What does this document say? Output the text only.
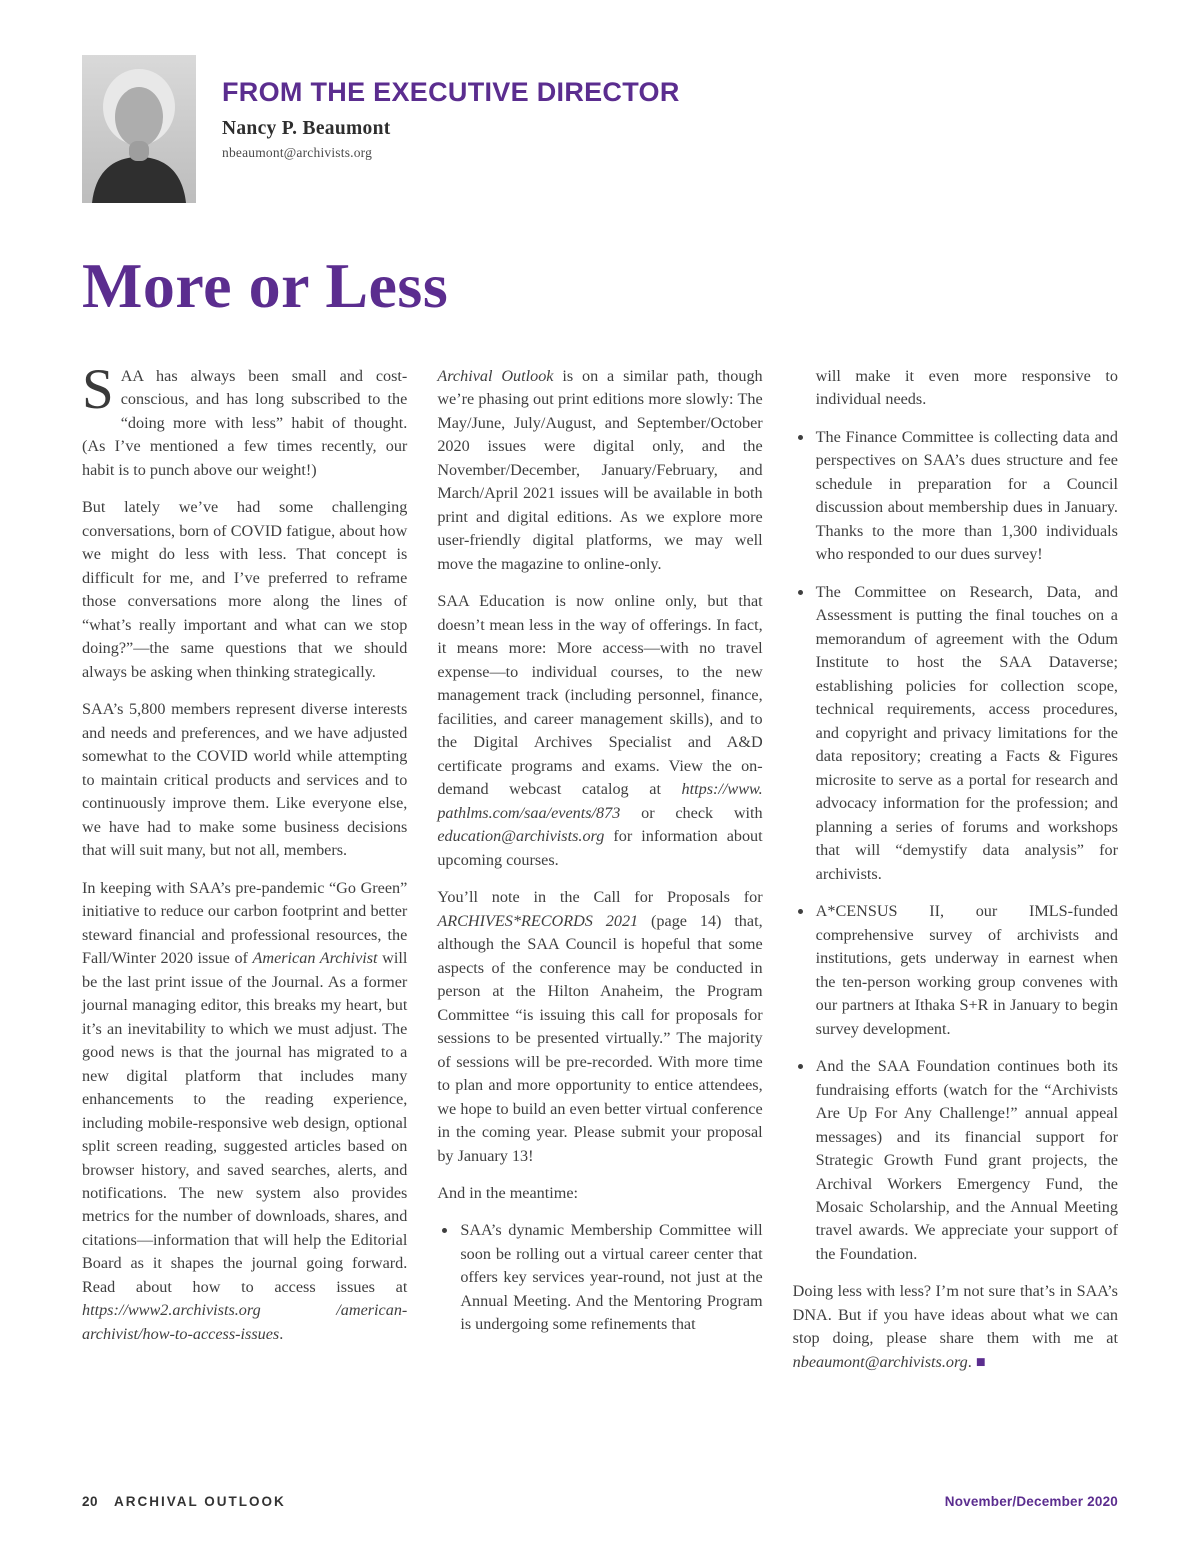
FROM THE EXECUTIVE DIRECTOR
Nancy P. Beaumont
nbeaumont@archivists.org
More or Less

SAA has always been small and cost-conscious, and has long subscribed to the “doing more with less” habit of thought. (As I’ve mentioned a few times recently, our habit is to punch above our weight!)

But lately we’ve had some challenging conversations, born of COVID fatigue, about how we might do less with less. That concept is difficult for me, and I’ve preferred to reframe those conversations more along the lines of “what’s really important and what can we stop doing?”—the same questions that we should always be asking when thinking strategically.

SAA’s 5,800 members represent diverse interests and needs and preferences, and we have adjusted somewhat to the COVID world while attempting to maintain critical products and services and to continuously improve them. Like everyone else, we have had to make some business decisions that will suit many, but not all, members.

In keeping with SAA’s pre-pandemic “Go Green” initiative to reduce our carbon footprint and better steward financial and professional resources, the Fall/Winter 2020 issue of American Archivist will be the last print issue of the Journal. As a former journal managing editor, this breaks my heart, but it’s an inevitability to which we must adjust. The good news is that the journal has migrated to a new digital platform that includes many enhancements to the reading experience, including mobile-responsive web design, optional split screen reading, suggested articles based on browser history, and saved searches, alerts, and notifications. The new system also provides metrics for the number of downloads, shares, and citations—information that will help the Editorial Board as it shapes the journal going forward. Read about how to access issues at https://www2.archivists.org /american-archivist/how-to-access-issues.

Archival Outlook is on a similar path, though we’re phasing out print editions more slowly: The May/June, July/August, and September/October 2020 issues were digital only, and the November/December, January/February, and March/April 2021 issues will be available in both print and digital editions. As we explore more user-friendly digital platforms, we may well move the magazine to online-only.

SAA Education is now online only, but that doesn’t mean less in the way of offerings. In fact, it means more: More access—with no travel expense—to individual courses, to the new management track (including personnel, finance, facilities, and career management skills), and to the Digital Archives Specialist and A&D certificate programs and exams. View the on-demand webcast catalog at https://www. pathlms.com/saa/events/873 or check with education@archivists.org for information about upcoming courses.

You’ll note in the Call for Proposals for ARCHIVES*RECORDS 2021 (page 14) that, although the SAA Council is hopeful that some aspects of the conference may be conducted in person at the Hilton Anaheim, the Program Committee “is issuing this call for proposals for sessions to be presented virtually.” The majority of sessions will be pre-recorded. With more time to plan and more opportunity to entice attendees, we hope to build an even better virtual conference in the coming year. Please submit your proposal by January 13!

And in the meantime:

• SAA’s dynamic Membership Committee will soon be rolling out a virtual career center that offers key services year-round, not just at the Annual Meeting. And the Mentoring Program is undergoing some refinements that

will make it even more responsive to individual needs.

• The Finance Committee is collecting data and perspectives on SAA’s dues structure and fee schedule in preparation for a Council discussion about membership dues in January. Thanks to the more than 1,300 individuals who responded to our dues survey!
• The Committee on Research, Data, and Assessment is putting the final touches on a memorandum of agreement with the Odum Institute to host the SAA Dataverse; establishing policies for collection scope, technical requirements, access procedures, and copyright and privacy limitations for the data repository; creating a Facts & Figures microsite to serve as a portal for research and advocacy information for the profession; and planning a series of forums and workshops that will “demystify data analysis” for archivists.
• A*CENSUS II, our IMLS-funded comprehensive survey of archivists and institutions, gets underway in earnest when the ten-person working group convenes with our partners at Ithaka S+R in January to begin survey development.
• And the SAA Foundation continues both its fundraising efforts (watch for the “Archivists Are Up For Any Challenge!” annual appeal messages) and its financial support for Strategic Growth Fund grant projects, the Archival Workers Emergency Fund, the Mosaic Scholarship, and the Annual Meeting travel awards. We appreciate your support of the Foundation.

Doing less with less? I’m not sure that’s in SAA’s DNA. But if you have ideas about what we can stop doing, please share them with me at nbeaumont@archivists.org. ■

20 ARCHIVAL OUTLOOK	November/December 2020
